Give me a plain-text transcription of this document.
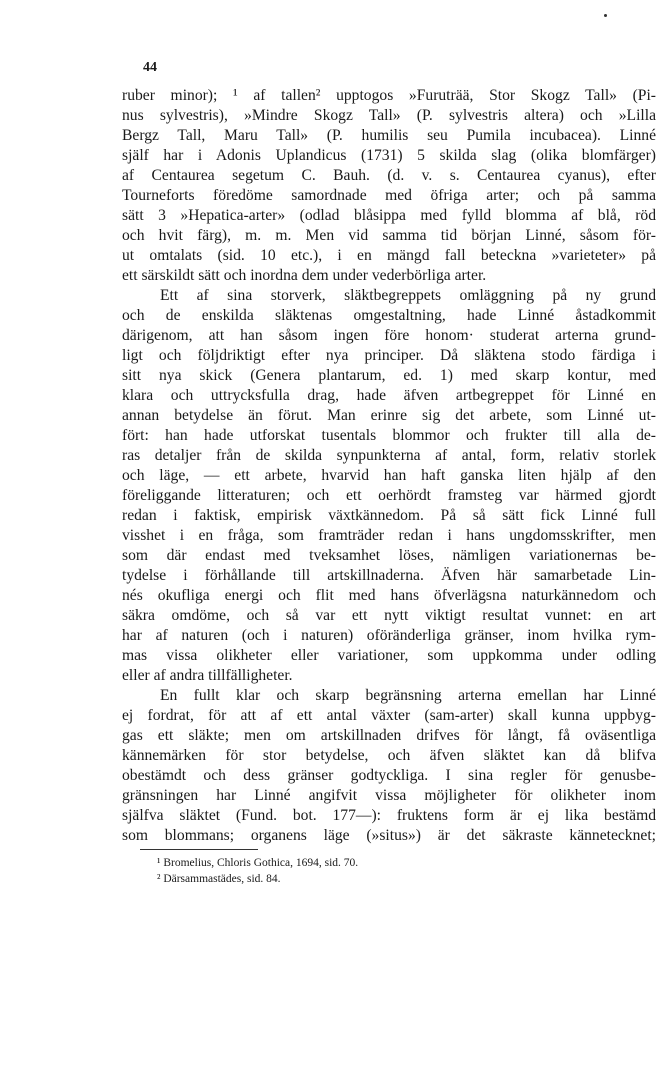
44
ruber minor); ¹ af tallen² upptogos »Furuträä, Stor Skogz Tall» (Pi-
nus sylvestris), »Mindre Skogz Tall» (P. sylvestris altera) och »Lilla
Bergz Tall, Maru Tall» (P. humilis seu Pumila incubacea). Linné
själf har i Adonis Uplandicus (1731) 5 skilda slag (olika blomfärger)
af Centaurea segetum C. Bauh. (d. v. s. Centaurea cyanus), efter
Tourneforts föredöme samordnade med öfriga arter; och på samma
sätt 3 »Hepatica-arter» (odlad blåsippa med fylld blomma af blå, röd
och hvit färg), m. m. Men vid samma tid början Linné, såsom för-
ut omtalats (sid. 10 etc.), i en mängd fall beteckna »varieteter» på
ett särskildt sätt och inordna dem under vederbörliga arter.
Ett af sina storverk, släktbegreppets omläggning på ny grund
och de enskilda släktenas omgestaltning, hade Linné åstadkommit
därigenom, att han såsom ingen före honom· studerat arterna grund-
ligt och följdriktigt efter nya principer. Då släktena stodo färdiga i
sitt nya skick (Genera plantarum, ed. 1) med skarp kontur, med
klara och uttrycksfulla drag, hade äfven artbegreppet för Linné en
annan betydelse än förut. Man erinre sig det arbete, som Linné ut-
fört: han hade utforskat tusentals blommor och frukter till alla de-
ras detaljer från de skilda synpunkterna af antal, form, relativ storlek
och läge, — ett arbete, hvarvid han haft ganska liten hjälp af den
föreliggande litteraturen; och ett oerhördt framsteg var härmed gjordt
redan i faktisk, empirisk växtkännedom. På så sätt fick Linné full
visshet i en fråga, som framträder redan i hans ungdomsskrifter, men
som där endast med tveksamhet löses, nämligen variationernas be-
tydelse i förhållande till artskillnaderna. Äfven här samarbetade Lin-
nés okufliga energi och flit med hans öfverlägsna naturkännedom och
säkra omdöme, och så var ett nytt viktigt resultat vunnet: en art
har af naturen (och i naturen) oföränderliga gränser, inom hvilka rym-
mas vissa olikheter eller variationer, som uppkomma under odling
eller af andra tillfälligheter.
En fullt klar och skarp begränsning arterna emellan har Linné
ej fordrat, för att af ett antal växter (sam-arter) skall kunna uppbyg-
gas ett släkte; men om artskillnaden drifves för långt, få oväsentliga
kännemärken för stor betydelse, och äfven släktet kan då blifva
obestämdt och dess gränser godtyckliga. I sina regler för genusbe-
gränsningen har Linné angifvit vissa möjligheter för olikheter inom
själfva släktet (Fund. bot. 177—): fruktens form är ej lika bestämd
som blommans; organens läge (»situs») är det säkraste kännetecknet;
¹ Bromelius, Chloris Gothica, 1694, sid. 70.
² Därsammastädes, sid. 84.
